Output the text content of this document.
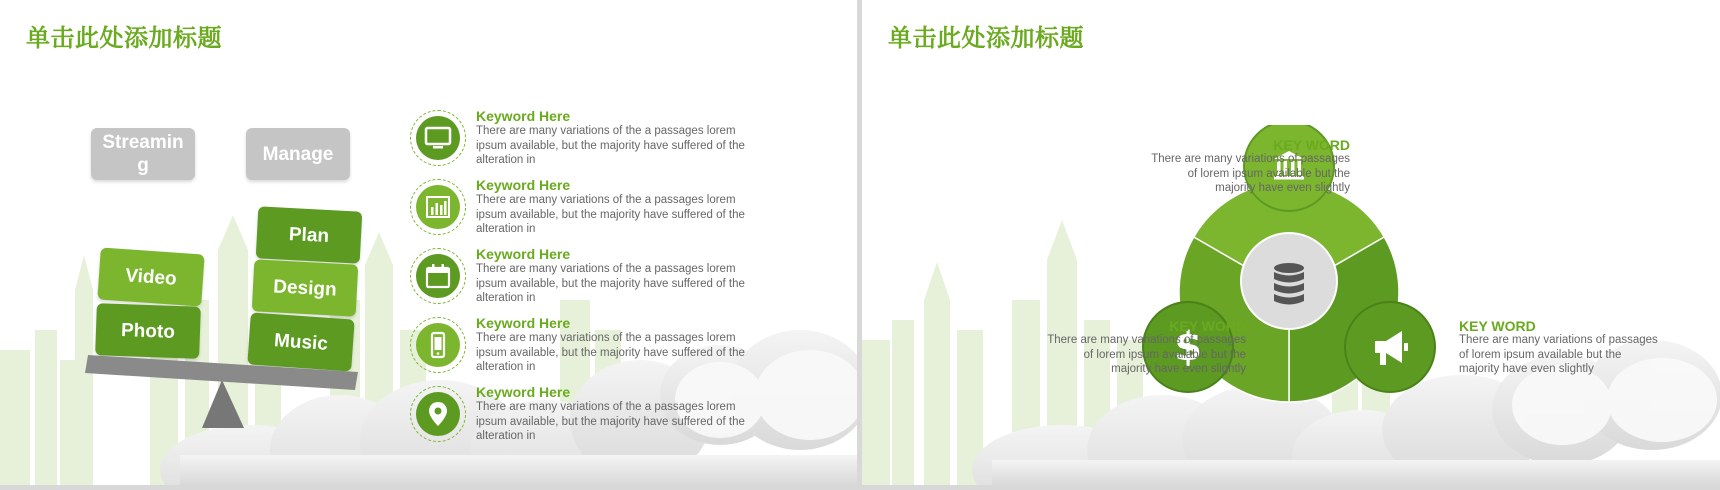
单击此处添加标题
Streamin
g
Manage
Video
Photo
Plan
Design
Music
Keyword Here
There are many variations of the a passages lorem ipsum available, but the majority have suffered of the alteration in
Keyword Here
There are many variations of the a passages lorem ipsum available, but the majority have suffered of the alteration in
Keyword Here
There are many variations of the a passages lorem ipsum available, but the majority have suffered of the alteration in
Keyword Here
There are many variations of the a passages lorem ipsum available, but the majority have suffered of the alteration in
Keyword Here
There are many variations of the a passages lorem ipsum available, but the majority have suffered of the alteration in
单击此处添加标题
$
KEY WORD
There are many variations of passages of lorem ipsum available but the majority have even slightly
KEY WORD
There are many variations of passages of lorem ipsum available but the majority have even slightly
KEY WORD
There are many variations of passages of lorem ipsum available but the majority have even slightly
